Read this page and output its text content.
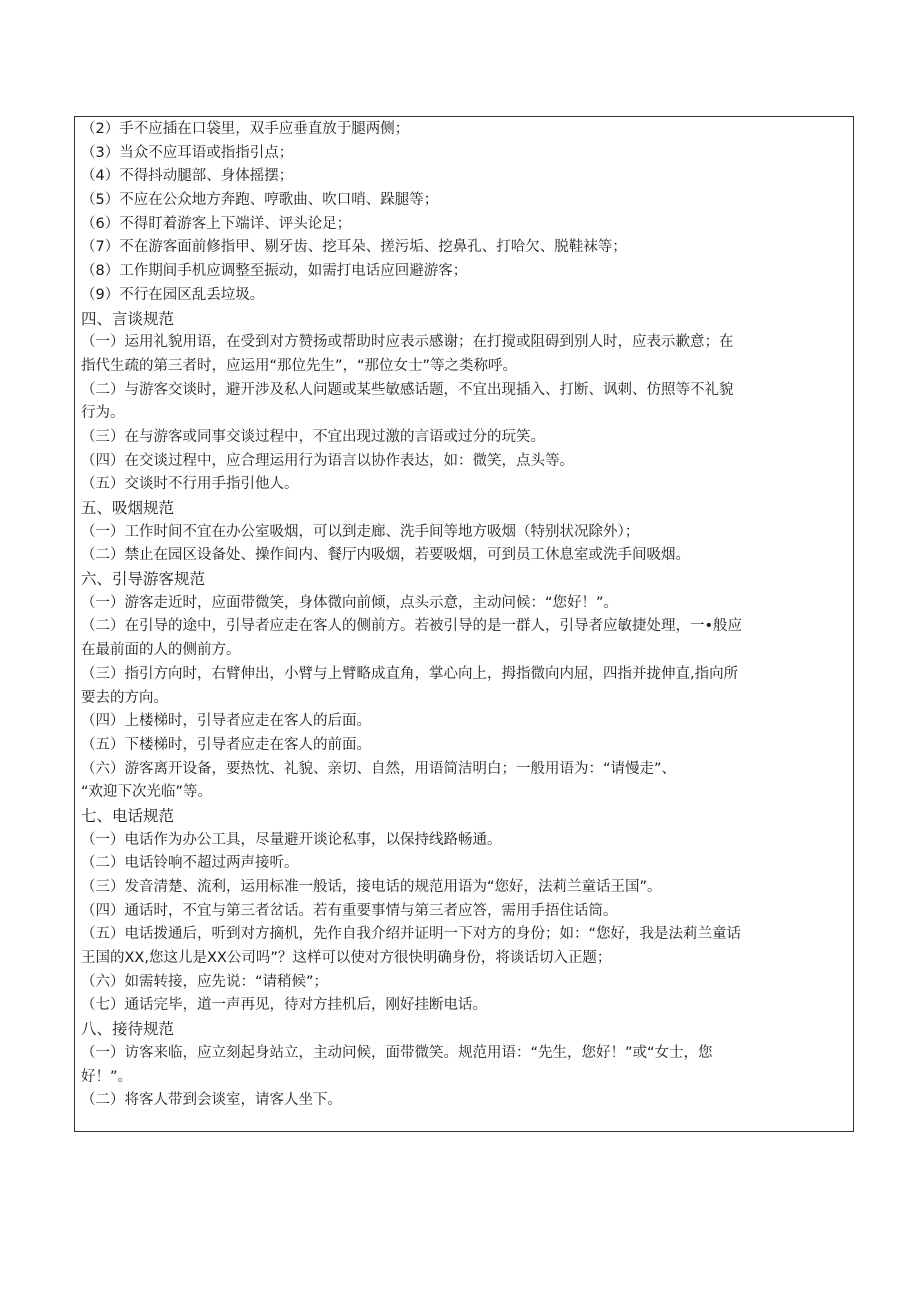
（2）手不应插在口袋里，双手应垂直放于腿两侧；
（3）当众不应耳语或指指引点；
（4）不得抖动腿部、身体摇摆；
（5）不应在公众地方奔跑、哼歌曲、吹口哨、跺腿等；
（6）不得盯着游客上下端详、评头论足；
（7）不在游客面前修指甲、剔牙齿、挖耳朵、搓污垢、挖鼻孔、打哈欠、脱鞋袜等；
（8）工作期间手机应调整至振动，如需打电话应回避游客；
（9）不行在园区乱丢垃圾。
四、言谈规范
（一）运用礼貌用语，在受到对方赞扬或帮助时应表示感谢；在打搅或阻碍到别人时，应表示歉意；在
指代生疏的第三者时，应运用“那位先生”，“那位女士”等之类称呼。
（二）与游客交谈时，避开涉及私人问题或某些敏感话题，不宜出现插入、打断、讽刺、仿照等不礼貌
行为。
（三）在与游客或同事交谈过程中，不宜出现过激的言语或过分的玩笑。
（四）在交谈过程中，应合理运用行为语言以协作表达，如：微笑，点头等。
（五）交谈时不行用手指引他人。
五、吸烟规范
（一）工作时间不宜在办公室吸烟，可以到走廊、洗手间等地方吸烟（特别状况除外）；
（二）禁止在园区设备处、操作间内、餐厅内吸烟，若要吸烟，可到员工休息室或洗手间吸烟。
六、引导游客规范
（一）游客走近时，应面带微笑，身体微向前倾，点头示意，主动问候：“您好！”。
（二）在引导的途中，引导者应走在客人的侧前方。若被引导的是一群人，引导者应敏捷处理，一•般应
在最前面的人的侧前方。
（三）指引方向时，右臂伸出，小臂与上臂略成直角，掌心向上，拇指微向内屈，四指并拢伸直,指向所
要去的方向。
（四）上楼梯时，引导者应走在客人的后面。
（五）下楼梯时，引导者应走在客人的前面。
（六）游客离开设备，要热忱、礼貌、亲切、自然，用语简洁明白；一般用语为：“请慢走”、
“欢迎下次光临”等。
七、电话规范
（一）电话作为办公工具，尽量避开谈论私事，以保持线路畅通。
（二）电话铃响不超过两声接听。
（三）发音清楚、流利，运用标准一般话，接电话的规范用语为“您好，法莉兰童话王国”。
（四）通话时，不宜与第三者岔话。若有重要事情与第三者应答，需用手捂住话筒。
（五）电话拨通后，听到对方摘机，先作自我介绍并证明一下对方的身份；如：“您好，我是法莉兰童话
王国的XX,您这儿是XX公司吗”？这样可以使对方很快明确身份，将谈话切入正题；
（六）如需转接，应先说：“请稍候”；
（七）通话完毕，道一声再见，待对方挂机后，刚好挂断电话。
八、接待规范
（一）访客来临，应立刻起身站立，主动问候，面带微笑。规范用语：“先生，您好！”或“女士，您
好！”。
（二）将客人带到会谈室，请客人坐下。
